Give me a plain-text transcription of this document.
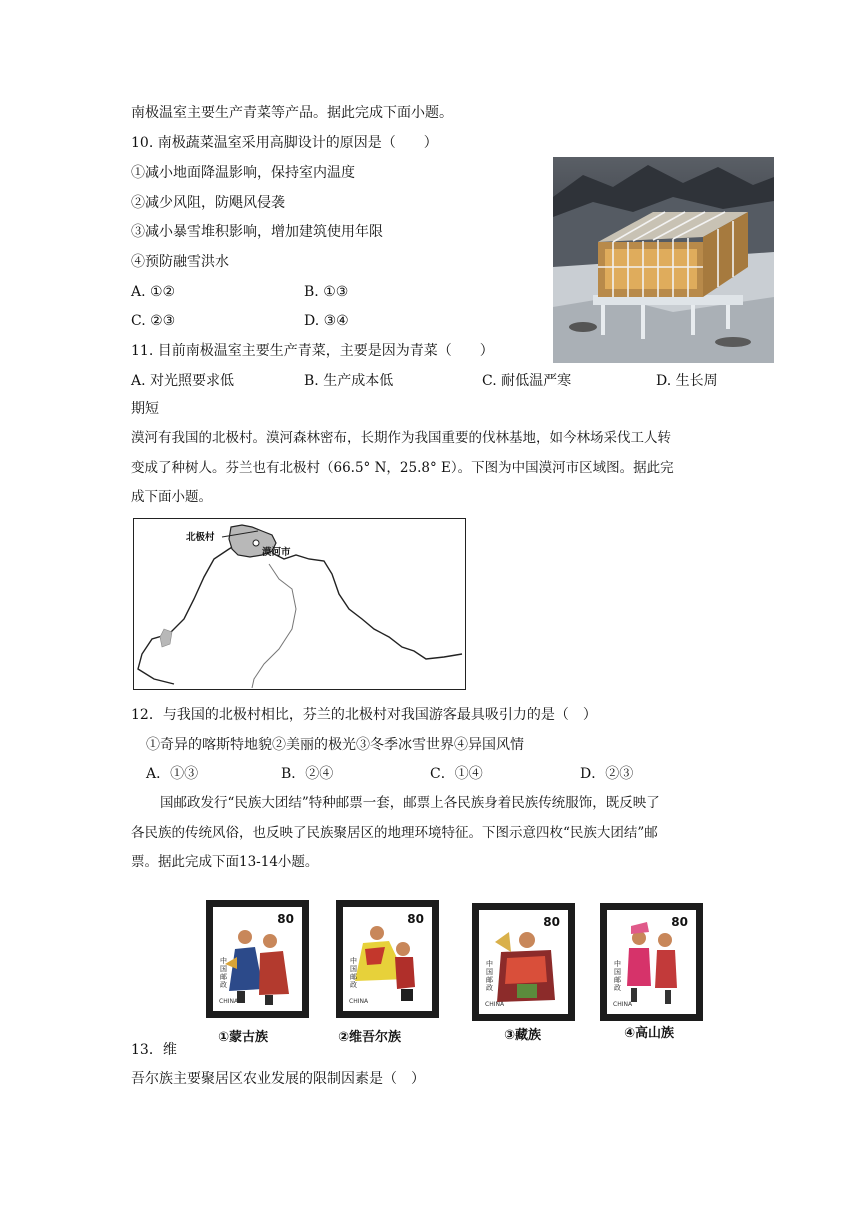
南极温室主要生产青菜等产品。据此完成下面小题。
10. 南极蔬菜温室采用高脚设计的原因是（　　）
①减小地面降温影响，保持室内温度
②减少风阻，防飓风侵袭
③减小暴雪堆积影响，增加建筑使用年限
④预防融雪洪水
A. ①②	B. ①③
C. ②③	D. ③④
11. 目前南极温室主要生产青菜，主要是因为青菜（　　）
A. 对光照要求低	B. 生产成本低	C. 耐低温严寒	D. 生长周
期短
漠河有我国的北极村。漠河森林密布，长期作为我国重要的伐林基地，如今林场采伐工人转
变成了种树人。芬兰也有北极村（66.5° N，25.8° E）。下图为中国漠河市区域图。据此完
成下面小题。
北极村
漠河市
12．与我国的北极村相比，芬兰的北极村对我国游客最具吸引力的是（　）
①奇异的喀斯特地貌②美丽的极光③冬季冰雪世界④异国风情
A．①③	B．②④	C．①④	D．②③
国邮政发行“民族大团结”特种邮票一套，邮票上各民族身着民族传统服饰，既反映了
各民族的传统风俗，也反映了民族聚居区的地理环境特征。下图示意四枚“民族大团结”邮
票。据此完成下面13-14小题。
80
中国邮政
CHINA
①蒙古族
80
中国邮政
CHINA
②维吾尔族
80
中国邮政
CHINA
③藏族
80
中国邮政
CHINA
④高山族
13．维
吾尔族主要聚居区农业发展的限制因素是（　）
